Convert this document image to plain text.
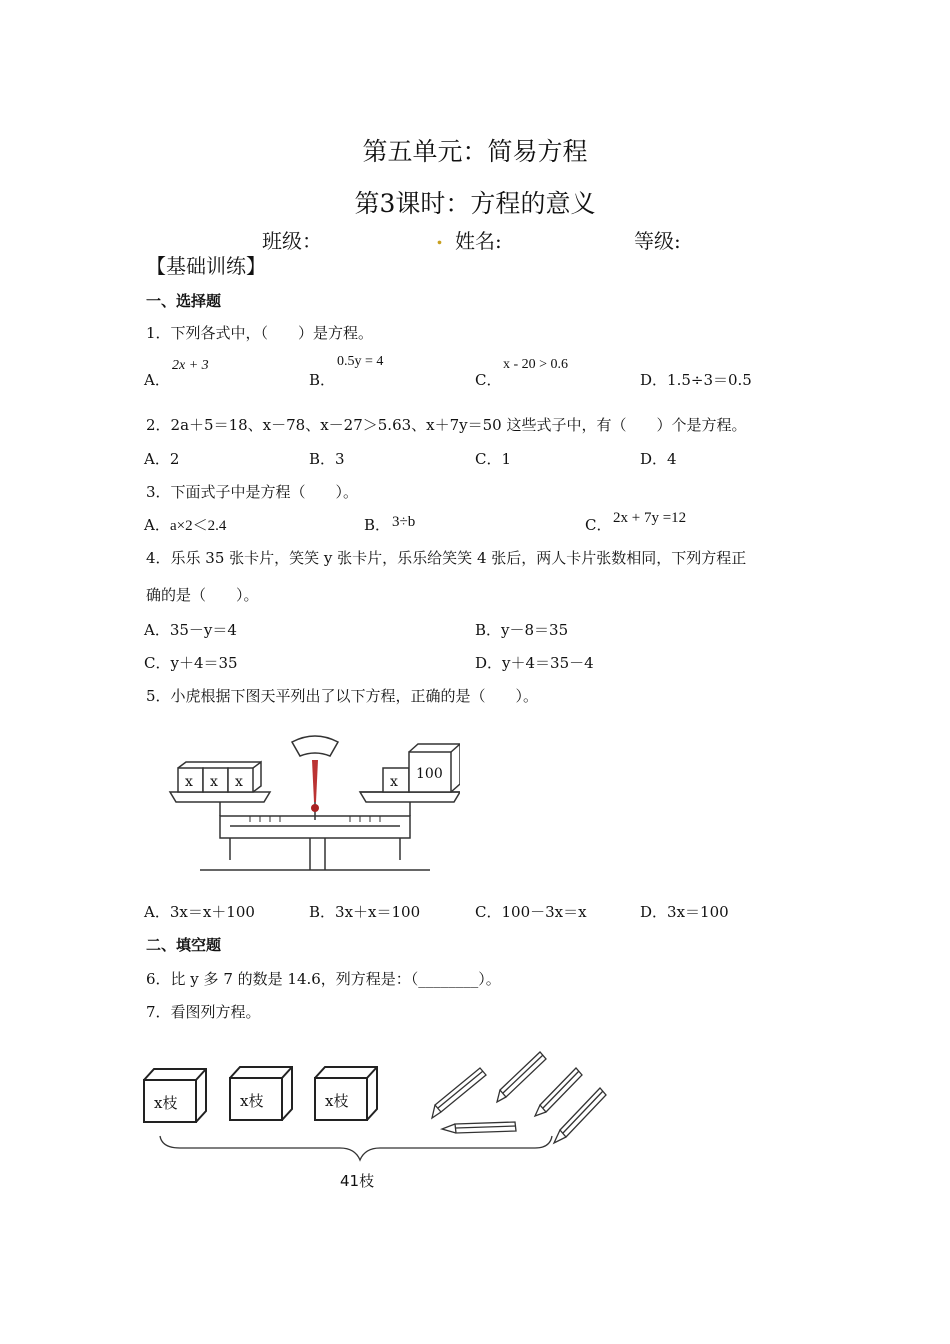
第五单元：简易方程
第3课时：方程的意义
班级：	. 姓名:	等级:
【基础训练】
一、选择题
1．下列各式中，（　　）是方程。
A．
2x + 3
B．
0.5y = 4
C．
x - 20 > 0.6
D．1.5÷3＝0.5
2．2a＋5＝18、x－78、x－27＞5.63、x＋7y＝50 这些式子中，有（　　）个是方程。
A．2	B．3	C．1	D．4
3．下面式子中是方程（　　）。
A． a×2＜2.4	B． 3÷b	C． 2x + 7y =12
4．乐乐 35 张卡片，笑笑 y 张卡片，乐乐给笑笑 4 张后，两人卡片张数相同，下列方程正
确的是（　　）。
A．35－y＝4	B．y－8＝35
C．y＋4＝35	D．y＋4＝35－4
5．小虎根据下图天平列出了以下方程，正确的是（　　）。
x x x	x 100
A．3x＝x＋100	B．3x＋x＝100	C．100－3x＝x	D．3x＝100
二、填空题
6．比 y 多 7 的数是 14.6，列方程是：（________）。
7．看图列方程。
x枝	x枝	x枝
41枝
